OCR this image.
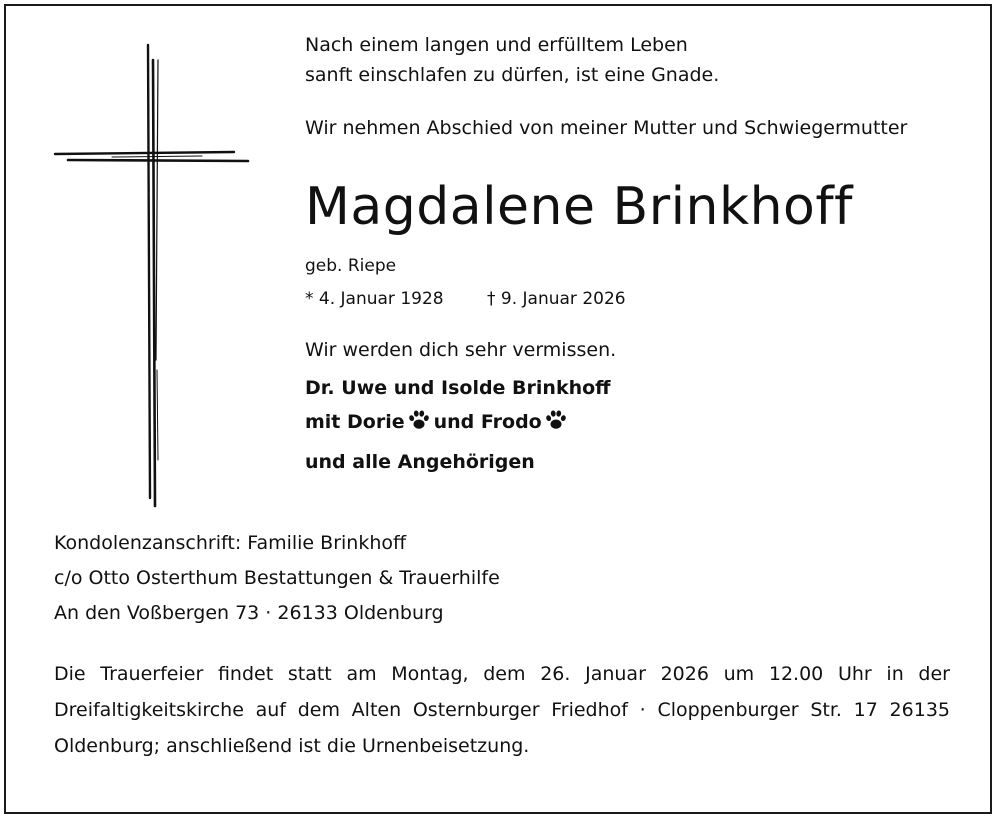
Nach einem langen und erfülltem Leben
sanft einschlafen zu dürfen, ist eine Gnade.
Wir nehmen Abschied von meiner Mutter und Schwiegermutter
Magdalene Brinkhoff
geb. Riepe
* 4. Januar 1928	† 9. Januar 2026
Wir werden dich sehr vermissen.
Dr. Uwe und Isolde Brinkhoff
mit Dorie und Frodo
und alle Angehörigen
Kondolenzanschrift: Familie Brinkhoff
c/o Otto Osterthum Bestattungen & Trauerhilfe
An den Voßbergen 73 · 26133 Oldenburg
Die Trauerfeier findet statt am Montag, dem 26. Januar 2026 um 12.00 Uhr in der
Dreifaltigkeitskirche auf dem Alten Osternburger Friedhof · Cloppenburger Str. 17 26135
Oldenburg; anschließend ist die Urnenbeisetzung.
